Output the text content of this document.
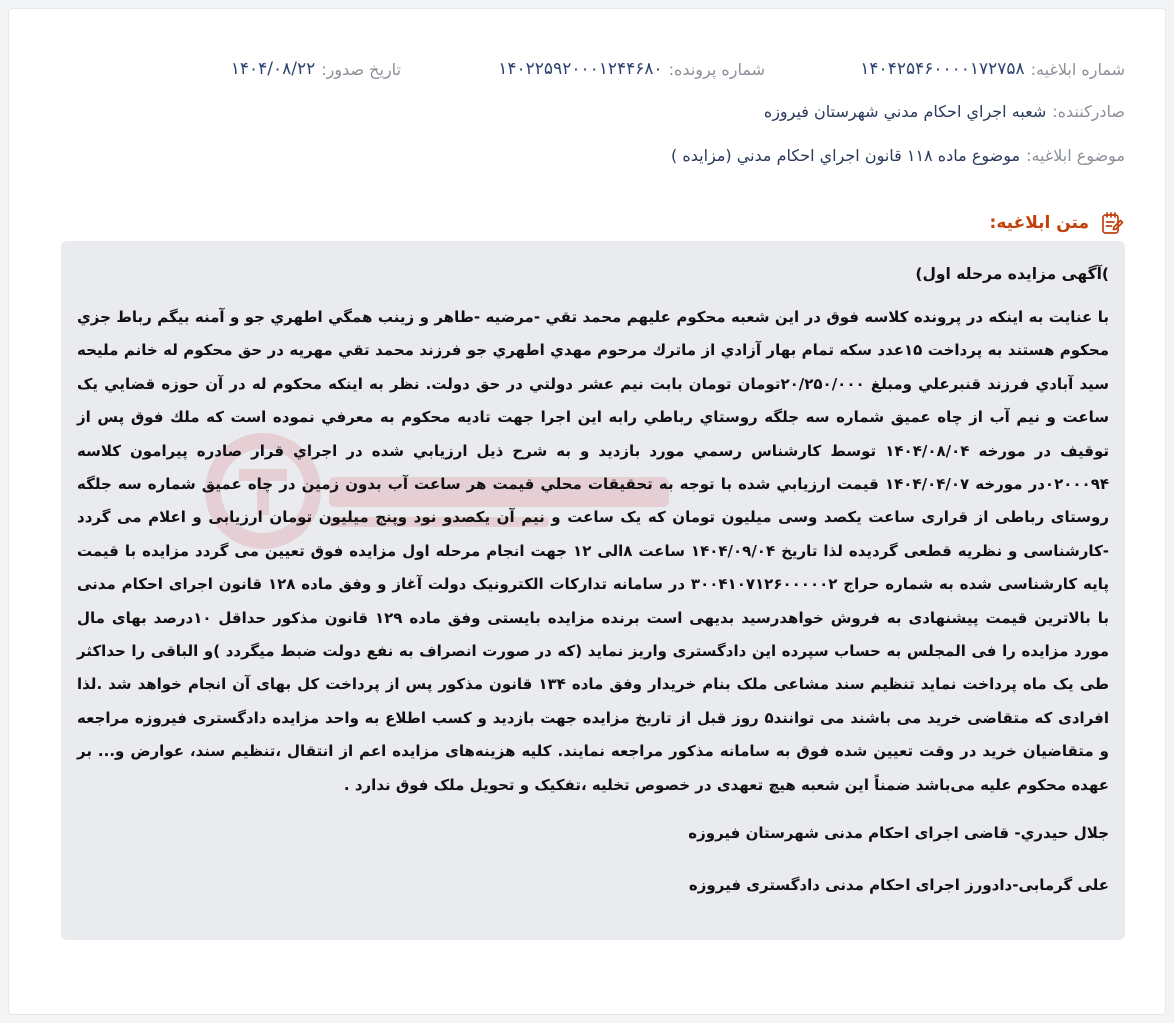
شماره ابلاغیه:
۱۴۰۴۲۵۴۶۰۰۰۰۱۷۲۷۵۸
شماره پرونده:
۱۴۰۲۲۵۹۲۰۰۰۱۲۴۴۶۸۰
تاریخ صدور:
۱۴۰۴/۰۸/۲۲
صادرکننده:
شعبه اجراي احكام مدني شهرستان فيروزه
موضوع ابلاغیه:
موضوع ماده ۱۱۸ قانون اجراي احكام مدني (مزايده )
متن ابلاغیه:

)آگهی مزایده مرحله اول)

با عنايت به اينكه در پرونده كلاسه فوق در اين شعبه محكوم عليهم محمد تقي -مرضيه -طاهر و زينب همگي اطهري جو و آمنه بيگم رباط جزي محكوم هستند به پرداخت ۱۵عدد سكه تمام بهار آزادي از ماترك مرحوم مهدي اطهري جو فرزند محمد تقي مهريه در حق محكوم له خانم مليحه سيد آبادي فرزند قنبرعلي ومبلغ ۲۰/۲۵۰/۰۰۰تومان تومان بابت نيم عشر دولتي در حق دولت. نظر به اينكه محكوم له در آن حوزه قضايي يک ساعت و نيم آب از چاه عميق شماره سه جلگه روستاي رباطي رابه اين اجرا جهت تاديه محكوم به معرفي نموده است كه ملك فوق پس از توقيف در مورخه ۱۴۰۴/۰۸/۰۴ توسط كارشناس رسمي مورد بازديد و به شرح ذيل ارزيابي شده در اجراي قرار صادره پيرامون كلاسه ۰۲۰۰۰۹۴در مورخه ۱۴۰۴/۰۴/۰۷ قيمت ارزيابي شده با توجه به تحقيقات محلي قيمت هر ساعت آب بدون زمین در چاه عمیق شماره سه جلگه روستای رباطی از قراری ساعت یکصد وسی میلیون تومان که یک ساعت و نیم آن یکصدو نود وپنج میلیون تومان ارزیابی و اعلام می گردد -کارشناسی و نظریه قطعی گردیده لذا تاریخ ۱۴۰۴/۰۹/۰۴ ساعت ۸الی ۱۲ جهت انجام مرحله اول مزایده فوق تعیین می گردد مزایده با قیمت پایه کارشناسی شده به شماره حراج ۳۰۰۴۱۰۷۱۲۶۰۰۰۰۰۲ در سامانه تدارکات الکترونیک دولت آغاز و وفق ماده ۱۲۸ قانون اجرای احکام مدنی با بالاترین قیمت پیشنهادی به فروش خواهدرسید بدیهی است برنده مزایده بایستی وفق ماده ۱۲۹ قانون مذکور حداقل ۱۰درصد بهای مال مورد مزایده را فی المجلس به حساب سپرده این دادگستری واریز نماید (که در صورت انصراف به نفع دولت ضبط میگردد )و الباقی را حداکثر طی یک ماه پرداخت نماید تنظیم سند مشاعی ملک بنام خریدار وفق ماده ۱۳۴ قانون مذکور پس از پرداخت کل بهای آن انجام خواهد شد .لذا افرادی که متقاضی خرید می باشند می توانند۵ روز قبل از تاریخ مزایده جهت بازدید و کسب اطلاع به واحد مزایده دادگستری فیروزه مراجعه و متقاضیان خرید در وقت تعیین شده فوق به سامانه مذکور مراجعه نمایند. کلیه هزینه‌های مزایده اعم از انتقال ،تنظیم سند، عوارض و... بر عهده محکوم علیه می‌باشد ضمناً این شعبه هیچ تعهدی در خصوص تخلیه ،تفکیک و تحویل ملک فوق ندارد .

جلال حيدري- قاضی اجرای احکام مدنی شهرستان فیروزه

علی گرمابی-دادورز اجرای احکام مدنی دادگستری فیروزه
